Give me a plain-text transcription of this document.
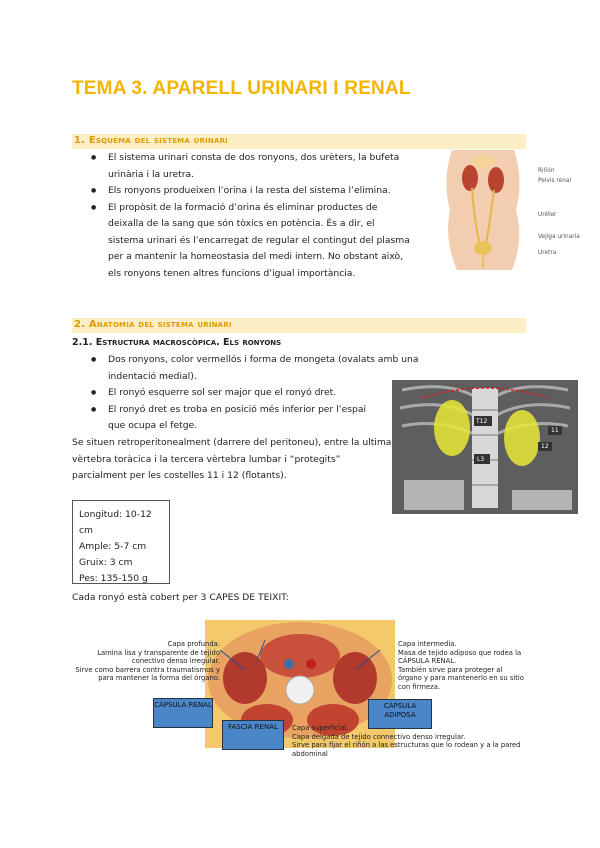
TEMA 3. APARELL URINARI I RENAL
1. Esquema del sistema urinari
● El sistema urinari consta de dos ronyons, dos urèters, la bufeta urinària i la uretra.
● Els ronyons produeixen l’orina i la resta del sistema l’elimina.
● El propòsit de la formació d’orina és eliminar productes de deixalla de la sang que són tòxics en potència. És a dir, el sistema urinari és l’encarregat de regular el contingut del plasma per a mantenir la homeostasia del medi intern. No obstant això, els ronyons tenen altres funcions d’igual importància.
Riñón
Pelvis renal
Uréter
Vejiga urinaria
Uretra
2. Anatomia del sistema urinari
2.1. Estructura macroscòpica. Els ronyons
● Dos ronyons, color vermellós i forma de mongeta (ovalats amb una indentació medial).
● El ronyó esquerre sol ser major que el ronyó dret.
● El ronyó dret es troba en posició més inferior per l’espai que ocupa el fetge.
Se situen retroperitonealment (darrere del peritoneu), entre la ultima vèrtebra toràcica i la tercera vèrtebra lumbar i “protegits” parcialment per les costelles 11 i 12 (flotants).
T12
L3
11
12
Longitud: 10-12 cm
Ample: 5-7 cm
Gruix: 3 cm
Pes: 135-150 g
Cada ronyó està cobert per 3 CAPES DE TEIXIT:
Capa profunda.
Lamina lisa y transparente de tejido conectivo denso irregular.
Sirve como barrera contra traumatismos y para mantener la forma del órgano.
Capa intermedia.
Masa de tejido adiposo que rodea la CÁPSULA RENAL.
También sirve para proteger al órgano y para mantenerlo en su sitio con firmeza.
Capa superficial.
Capa delgada de tejido connectivo denso irregular.
Sirve para fijar el riñón a las estructuras que lo rodean y a la pared abdominal
CÁPSULA RENAL
FASCIA RENAL
CÁPSULA ADIPOSA
